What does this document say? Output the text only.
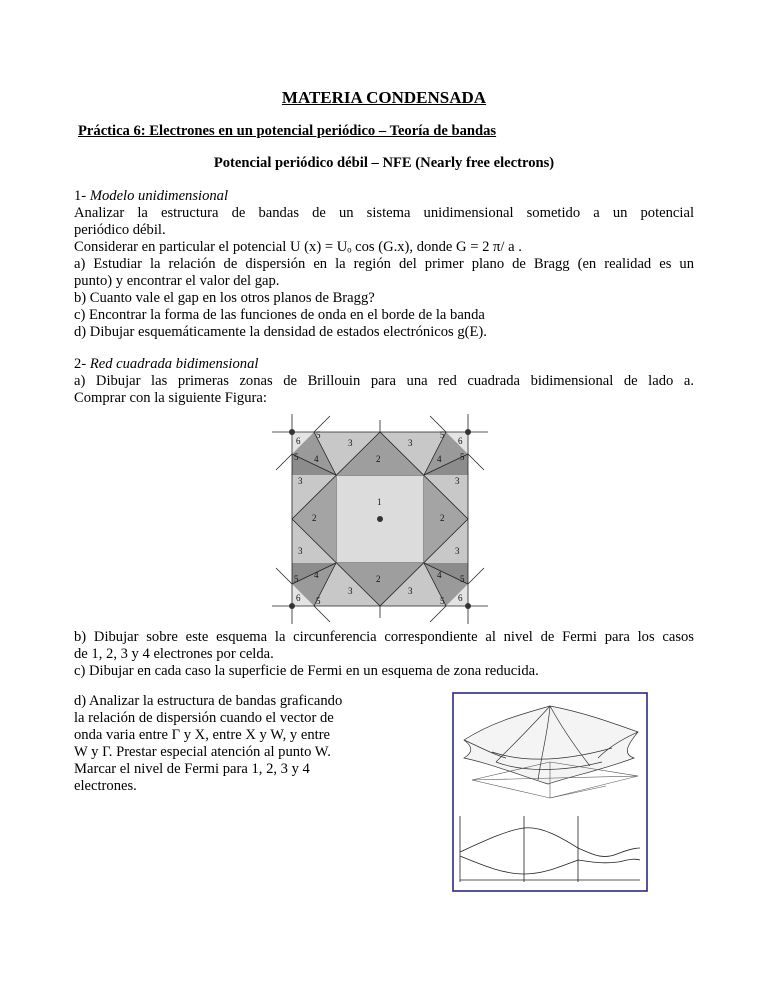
MATERIA CONDENSADA
Práctica 6: Electrones en un potencial periódico – Teoría de bandas
Potencial periódico débil – NFE (Nearly free electrons)
1- Modelo unidimensional
Analizar la estructura de bandas de un sistema unidimensional sometido a un potencial
periódico débil.
Considerar en particular el potencial U (x) = Uₒ cos (G.x), donde G = 2 π/ a .
a) Estudiar la relación de dispersión en la región del primer plano de Bragg (en realidad es un
punto) y encontrar el valor del gap.
b) Cuanto vale el gap en los otros planos de Bragg?
c) Encontrar la forma de las funciones de onda en el borde de la banda
d) Dibujar esquemáticamente la densidad de estados electrónicos g(E).
2- Red cuadrada bidimensional
a) Dibujar las primeras zonas de Brillouin para una red cuadrada bidimensional de lado a.
Comprar con la siguiente Figura:
1
2
2
2	2
3	3
3	3
3	3
3	3
4	4
4	4
5
5
5
5
5
5
5
5
6	6
6	6
b) Dibujar sobre este esquema la circunferencia correspondiente al nivel de Fermi para los casos
de 1, 2, 3 y 4 electrones por celda.
c) Dibujar en cada caso la superficie de Fermi en un esquema de zona reducida.
d) Analizar la estructura de bandas graficando
la relación de dispersión cuando el vector de
onda varia entre Γ y X, entre X y W, y entre
W y Γ. Prestar especial atención al punto W.
Marcar el nivel de Fermi para 1, 2, 3 y 4
electrones.
